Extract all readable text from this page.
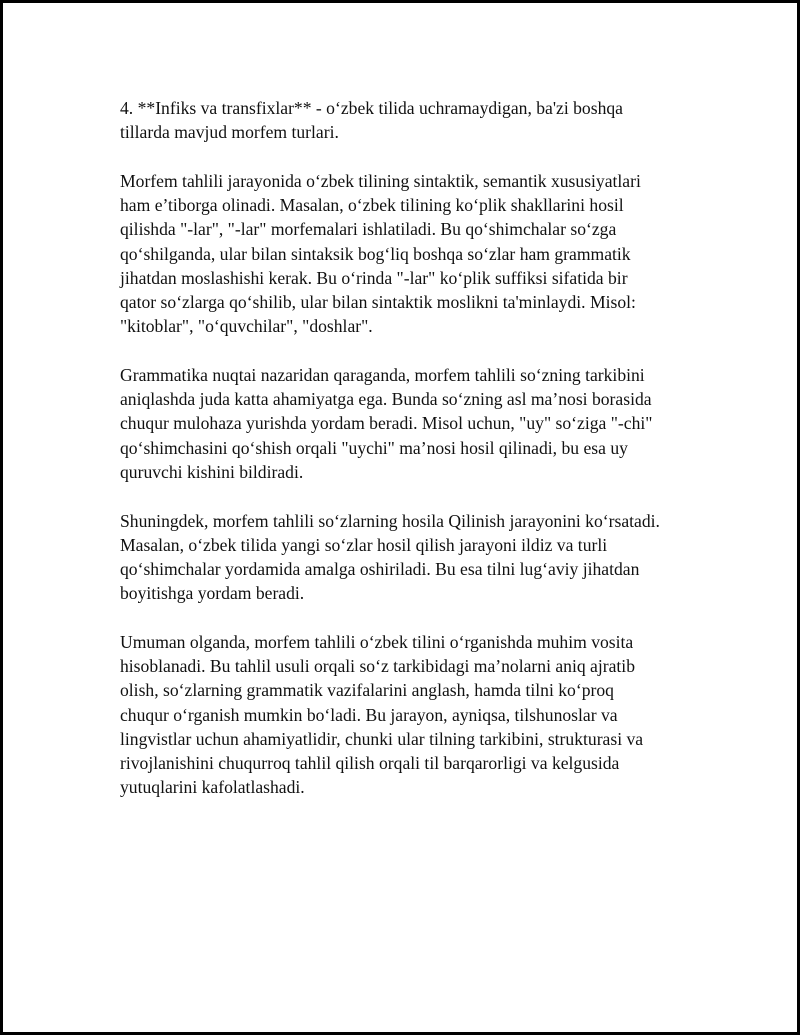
4. **Infiks va transfixlar** - o‘zbek tilida uchramaydigan, ba'zi boshqa
tillarda mavjud morfem turlari.

Morfem tahlili jarayonida o‘zbek tilining sintaktik, semantik xususiyatlari
ham e’tiborga olinadi. Masalan, o‘zbek tilining ko‘plik shakllarini hosil
qilishda "-lar", "-lar" morfemalari ishlatiladi. Bu qo‘shimchalar so‘zga
qo‘shilganda, ular bilan sintaksik bog‘liq boshqa so‘zlar ham grammatik
jihatdan moslashishi kerak. Bu o‘rinda "-lar" ko‘plik suffiksi sifatida bir
qator so‘zlarga qo‘shilib, ular bilan sintaktik moslikni ta'minlaydi. Misol:
"kitoblar", "o‘quvchilar", "doshlar".

Grammatika nuqtai nazaridan qaraganda, morfem tahlili so‘zning tarkibini
aniqlashda juda katta ahamiyatga ega. Bunda so‘zning asl ma’nosi borasida
chuqur mulohaza yurishda yordam beradi. Misol uchun, "uy" so‘ziga "-chi"
qo‘shimchasini qo‘shish orqali "uychi" ma’nosi hosil qilinadi, bu esa uy
quruvchi kishini bildiradi.

Shuningdek, morfem tahlili so‘zlarning hosila Qilinish jarayonini ko‘rsatadi.
Masalan, o‘zbek tilida yangi so‘zlar hosil qilish jarayoni ildiz va turli
qo‘shimchalar yordamida amalga oshiriladi. Bu esa tilni lug‘aviy jihatdan
boyitishga yordam beradi.

Umuman olganda, morfem tahlili o‘zbek tilini o‘rganishda muhim vosita
hisoblanadi. Bu tahlil usuli orqali so‘z tarkibidagi ma’nolarni aniq ajratib
olish, so‘zlarning grammatik vazifalarini anglash, hamda tilni ko‘proq
chuqur o‘rganish mumkin bo‘ladi. Bu jarayon, ayniqsa, tilshunoslar va
lingvistlar uchun ahamiyatlidir, chunki ular tilning tarkibini, strukturasi va
rivojlanishini chuqurroq tahlil qilish orqali til barqarorligi va kelgusida
yutuqlarini kafolatlashadi.
